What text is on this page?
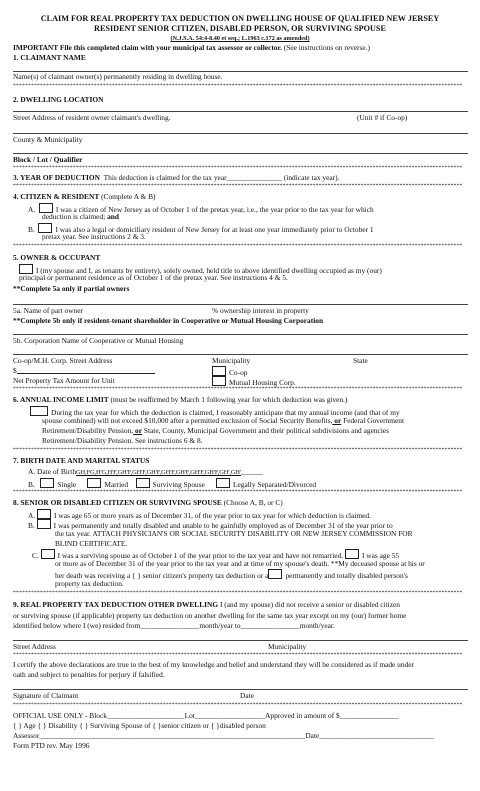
CLAIM FOR REAL PROPERTY TAX DEDUCTION ON DWELLING HOUSE OF QUALIFIED NEW JERSEY
RESIDENT SENIOR CITIZEN, DISABLED PERSON, OR SURVIVING SPOUSE
(N.J.S.A. 54:4-8.40 et seq.; L.1963 c.172 as amended)
IMPORTANT File this completed claim with your municipal tax assessor or collector. (See instructions on reverse.)
1. CLAIMANT NAME
Name(s) of claimant owner(s) permanently residing in dwelling house.
******************************************************************************************************************************************************
2. DWELLING LOCATION
Street Address of resident owner claimant's dwelling.	(Unit # if Co-op)
County & Municipality
Block / Lot / Qualifier
******************************************************************************************************************************************************
3. YEAR OF DEDUCTION This deduction is claimed for the tax year_______________ (indicate tax year).
******************************************************************************************************************************************************
4. CITIZEN & RESIDENT (Complete A & B)
A.	I was a citizen of New Jersey as of October 1 of the pretax year, i.e., the year prior to the tax year for which
deduction is claimed; and
B.	I was also a legal or domiciliary resident of New Jersey for at least one year immediately prior to October 1
pretax year. See instructions 2 & 3.
******************************************************************************************************************************************************
5. OWNER & OCCUPANT
I (my spouse and I, as tenants by entirety), solely owned, held title to above identified dwelling occupied as my (our)
principal or permanent residence as of October 1 of the pretax year. See instructions 4 & 5.
**Complete 5a only if partial owners
5a. Name of part owner	% ownership interest in property
**Complete 5b only if resident-tenant shareholder in Cooperative or Mutual Housing Corporation
5b. Corporation Name of Cooperative or Mutual Housing
Co-op/M.H. Corp. Street Address	Municipality	State
$	Co-op
Net Property Tax Amount for Unit	Mutual Housing Corp.
******************************************************************************************************************************************************
6. ANNUAL INCOME LIMIT (must be reaffirmed by March 1 following year for which deduction was given.)
During the tax year for which the deduction is claimed, I reasonably anticipate that my annual income (and that of my
spouse combined) will not exceed $10,000 after a permitted exclusion of Social Security Benefits, or Federal Government
Retirement/Disability Pension, or State, County, Municipal Government and their political subdivisions and agencies
Retirement/Disability Pension. See instructions 6 & 8.
******************************************************************************************************************************************************
7. BIRTH DATE AND MARITAL STATUS
A. Date of BirthGH,FG,H'G,H'F,GH'F,GH'F,GH'F,GH'F,GH'F,GH'F,GH'F,GH',GH'______
B.	Single	Married	Surviving Spouse	Legally Separated/Divorced
******************************************************************************************************************************************************
8. SENIOR OR DISABLED CITIZEN OR SURVIVING SPOUSE (Choose A, B, or C)
A.	I was age 65 or more years as of December 31, of the year prior to tax year for which deduction is claimed.
B.	I was permanently and totally disabled and unable to be gainfully employed as of December 31 of the year prior to
the tax year. ATTACH PHYSICIAN'S OR SOCIAL SECURITY DISABILITY OR NEW JERSEY COMMISSION FOR
BLIND CERTIFICATE.
C.	I was a surviving spouse as of October 1 of the year prior to the tax year and have not remarried.	I was age 55
or more as of December 31 of the year prior to the tax year and at time of my spouse's death. **My deceased spouse at his or
her death was receiving a { } senior citizen's property tax deduction or a permanently and totally disabled person's
property tax deduction.
******************************************************************************************************************************************************
9. REAL PROPERTY TAX DEDUCTION OTHER DWELLING I (and my spouse) did not receive a senior or disabled citizen
or surviving spouse (if applicable) property tax deduction on another dwelling for the same tax year except on my (our) former home
identified below where I (we) resided from________________month/year to________________month/year.
Street Address	Municipality
******************************************************************************************************************************************************
I certify the above declarations are true to the best of my knowledge and belief and understand they will be considered as if made under
oath and subject to penalties for perjury if falsified.
Signature of Claimant	Date
******************************************************************************************************************************************************
OFFICIAL USE ONLY - Block_____________________Lot___________________Approved in amount of $________________
{ } Age { } Disability { } Surviving Spouse of { }senior citizen or { }disabled person
Assessor________________________________________________________________________Date_______________________________
Form PTD rev. May 1996
